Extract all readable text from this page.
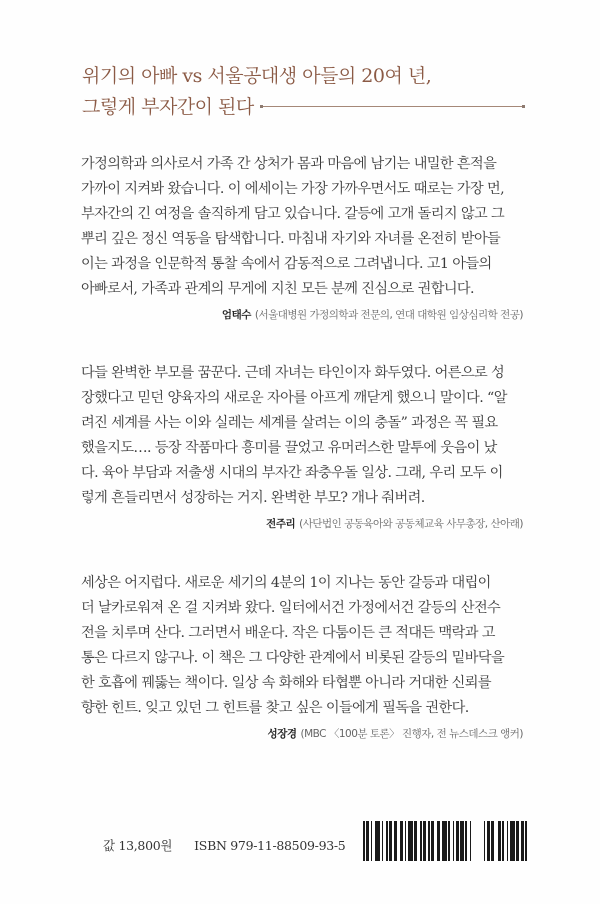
위기의 아빠 vs 서울공대생 아들의 20여 년,
그렇게 부자간이 된다
가정의학과 의사로서 가족 간 상처가 몸과 마음에 남기는 내밀한 흔적을
가까이 지켜봐 왔습니다. 이 에세이는 가장 가까우면서도 때로는 가장 먼,
부자간의 긴 여정을 솔직하게 담고 있습니다. 갈등에 고개 돌리지 않고 그
뿌리 깊은 정신 역동을 탐색합니다. 마침내 자기와 자녀를 온전히 받아들
이는 과정을 인문학적 통찰 속에서 감동적으로 그려냅니다. 고1 아들의
아빠로서, 가족과 관계의 무게에 지친 모든 분께 진심으로 권합니다.
엄태수 (서울대병원 가정의학과 전문의, 연대 대학원 임상심리학 전공)
다들 완벽한 부모를 꿈꾼다. 근데 자녀는 타인이자 화두였다. 어른으로 성
장했다고 믿던 양육자의 새로운 자아를 아프게 깨닫게 했으니 말이다. “알
려진 세계를 사는 이와 실레는 세계를 살려는 이의 충돌” 과정은 꼭 필요
했을지도…. 등장 작품마다 흥미를 끌었고 유머러스한 말투에 웃음이 났
다. 육아 부담과 저출생 시대의 부자간 좌충우돌 일상. 그래, 우리 모두 이
렇게 흔들리면서 성장하는 거지. 완벽한 부모? 개나 줘버려.
전주리 (사단법인 공동육아와 공동체교육 사무총장, 산아래)
세상은 어지럽다. 새로운 세기의 4분의 1이 지나는 동안 갈등과 대립이
더 날카로워져 온 걸 지켜봐 왔다. 일터에서건 가정에서건 갈등의 산전수
전을 치루며 산다. 그러면서 배운다. 작은 다툼이든 큰 적대든 맥락과 고
통은 다르지 않구나. 이 책은 그 다양한 관계에서 비롯된 갈등의 밑바닥을
한 호흡에 꿰뚫는 책이다. 일상 속 화해와 타협뿐 아니라 거대한 신뢰를
향한 힌트. 잊고 있던 그 힌트를 찾고 싶은 이들에게 필독을 권한다.
성장경 (MBC 〈100분 토론〉 진행자, 전 뉴스데스크 앵커)
값 13,800원 ISBN 979-11-88509-93-5
